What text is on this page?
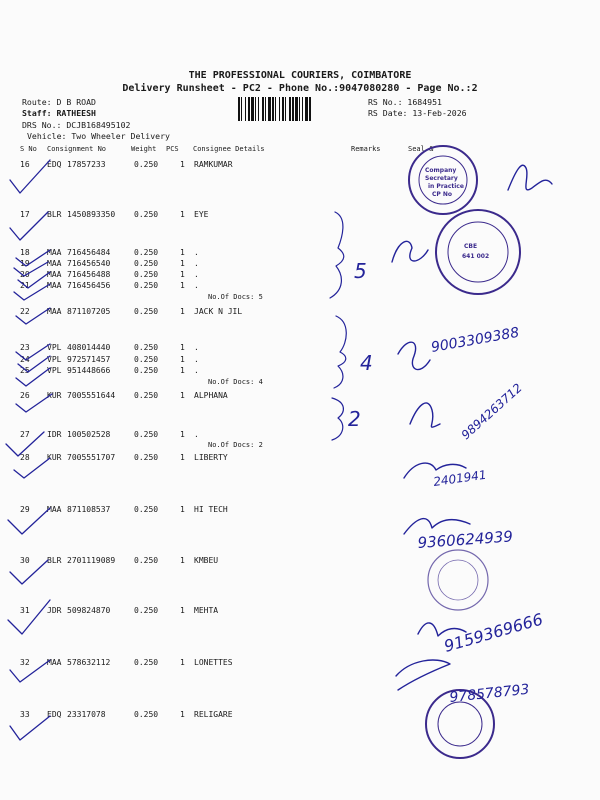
THE PROFESSIONAL COURIERS, COIMBATORE
Delivery Runsheet - PC2 - Phone No.:9047080280 - Page No.:2
Route: D B ROAD
Staff: RATHEESH
DRS No.: DCJB168495102
Vehicle: Two Wheeler Delivery
RS No.: 1684951
RS Date: 13-Feb-2026
S No Consignment No	Weight PCS Consignee Details	Remarks	Seal &
16 EDQ 17857233	0.250	1 RAMKUMAR
17 BLR 1450893350 0.250	1 EYE
18 MAA 716456484	0.250	1 .
19 MAA 716456540	0.250	1 .
20 MAA 716456488	0.250	1 .
21 MAA 716456456	0.250	1 .
No.Of Docs: 5
22 MAA 871107205	0.250	1 JACK N JIL
23 VPL 408014440	0.250	1 .
24 VPL 972571457	0.250	1 .
25 VPL 951448666	0.250	1 .
No.Of Docs: 4
26 KUR 7005551644 0.250	1 ALPHANA
27 IDR 100502528	0.250	1 .
No.Of Docs: 2
28 KUR 7005551707 0.250	1 LIBERTY
29 MAA 871108537	0.250	1 HI TECH
30 BLR 2701119089 0.250	1 KMBEU
31 JDR 509824870	0.250	1 MEHTA
32 MAA 578632112	0.250	1 LONETTES
33 EDQ 23317078	0.250	1 RELIGARE
5
4
2
Company
Secretary
in Practice
CP No
CBE
641 002
9003309388
9894263712
2401941
9360624939
9159369666
978578793
